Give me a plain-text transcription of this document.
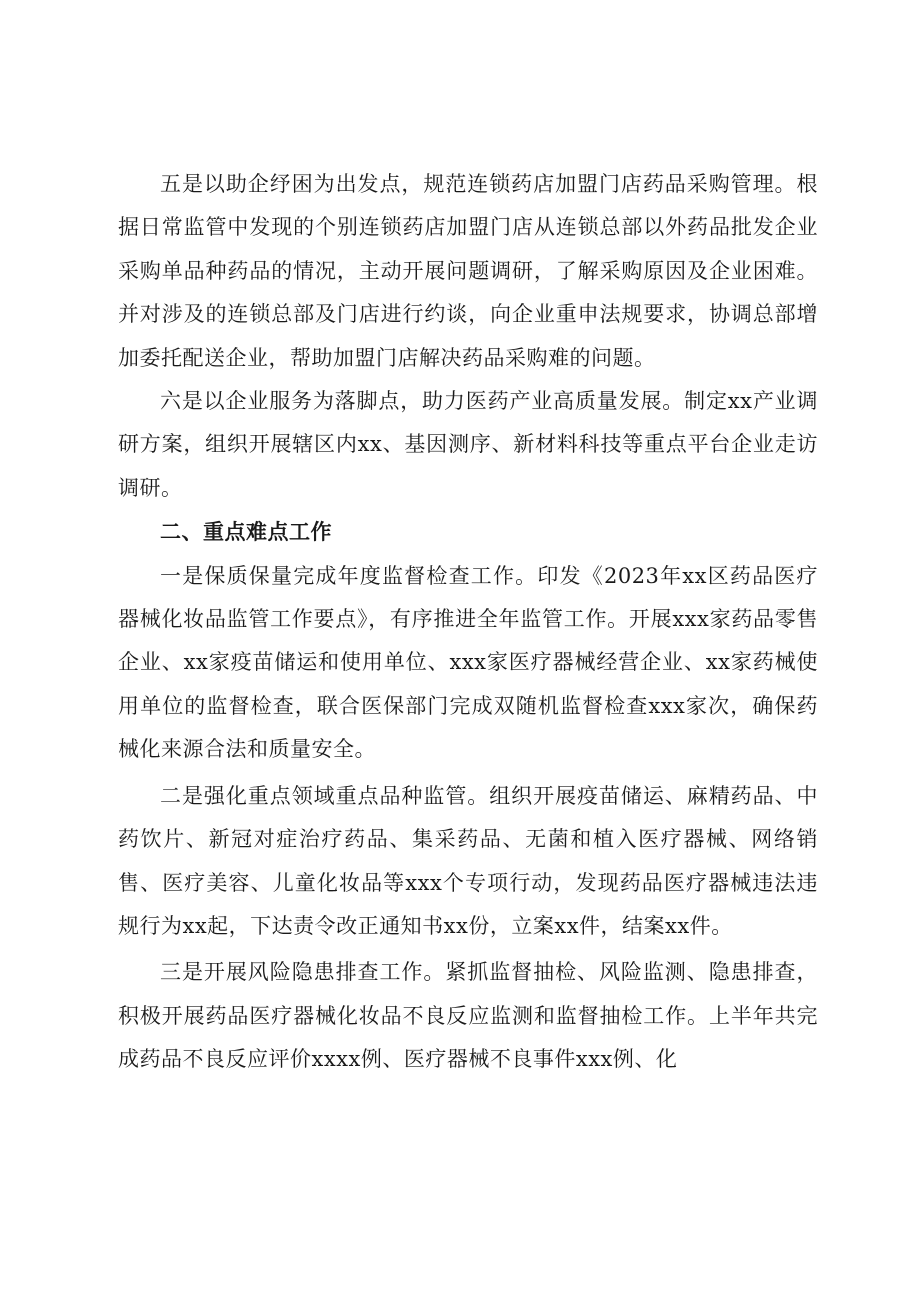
五是以助企纾困为出发点，规范连锁药店加盟门店药品采购管理。根据日常监管中发现的个别连锁药店加盟门店从连锁总部以外药品批发企业采购单品种药品的情况，主动开展问题调研，了解采购原因及企业困难。并对涉及的连锁总部及门店进行约谈，向企业重申法规要求，协调总部增加委托配送企业，帮助加盟门店解决药品采购难的问题。

六是以企业服务为落脚点，助力医药产业高质量发展。制定xx产业调研方案，组织开展辖区内xx、基因测序、新材料科技等重点平台企业走访调研。

二、重点难点工作

一是保质保量完成年度监督检查工作。印发《2023年xx区药品医疗器械化妆品监管工作要点》，有序推进全年监管工作。开展xxx家药品零售企业、xx家疫苗储运和使用单位、xxx家医疗器械经营企业、xx家药械使用单位的监督检查，联合医保部门完成双随机监督检查xxx家次，确保药械化来源合法和质量安全。

二是强化重点领域重点品种监管。组织开展疫苗储运、麻精药品、中药饮片、新冠对症治疗药品、集采药品、无菌和植入医疗器械、网络销售、医疗美容、儿童化妆品等xxx个专项行动，发现药品医疗器械违法违规行为xx起，下达责令改正通知书xx份，立案xx件，结案xx件。

三是开展风险隐患排查工作。紧抓监督抽检、风险监测、隐患排查，积极开展药品医疗器械化妆品不良反应监测和监督抽检工作。上半年共完成药品不良反应评价xxxx例、医疗器械不良事件xxx例、化
